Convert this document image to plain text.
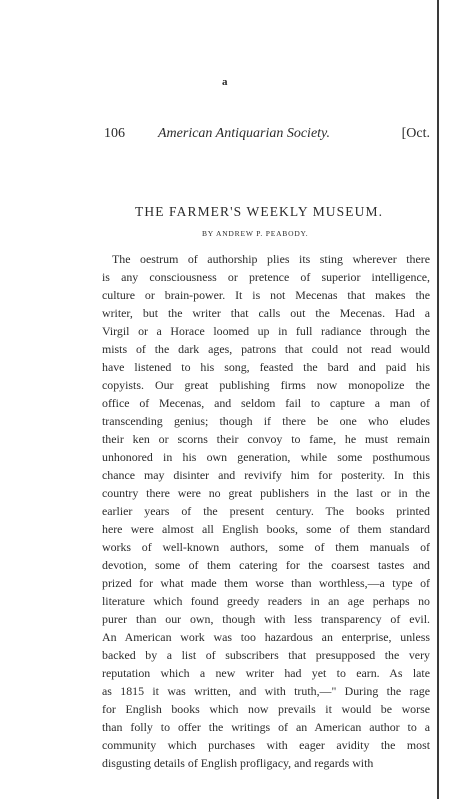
a
106 American Antiquarian Society.	[Oct.
THE FARMER'S WEEKLY MUSEUM.
BY ANDREW P. PEABODY.
The oestrum of authorship plies its sting wherever there
is any consciousness or pretence of superior intelligence,
culture or brain-power. It is not Mecenas that makes the
writer, but the writer that calls out the Mecenas. Had a
Virgil or a Horace loomed up in full radiance through the
mists of the dark ages, patrons that could not read would
have listened to his song, feasted the bard and paid his
copyists. Our great publishing firms now monopolize the
office of Mecenas, and seldom fail to capture a man of
transcending genius; though if there be one who eludes
their ken or scorns their convoy to fame, he must remain
unhonored in his own generation, while some posthumous
chance may disinter and revivify him for posterity. In this
country there were no great publishers in the last or in the
earlier years of the present century. The books printed
here were almost all English books, some of them standard
works of well-known authors, some of them manuals of
devotion, some of them catering for the coarsest tastes and
prized for what made them worse than worthless,—a type of
literature which found greedy readers in an age perhaps no
purer than our own, though with less transparency of evil.
An American work was too hazardous an enterprise, unless
backed by a list of subscribers that presupposed the very
reputation which a new writer had yet to earn. As late
as 1815 it was written, and with truth,—" During the rage
for English books which now prevails it would be worse
than folly to offer the writings of an American author to a
community which purchases with eager avidity the most
disgusting details of English profligacy, and regards with
